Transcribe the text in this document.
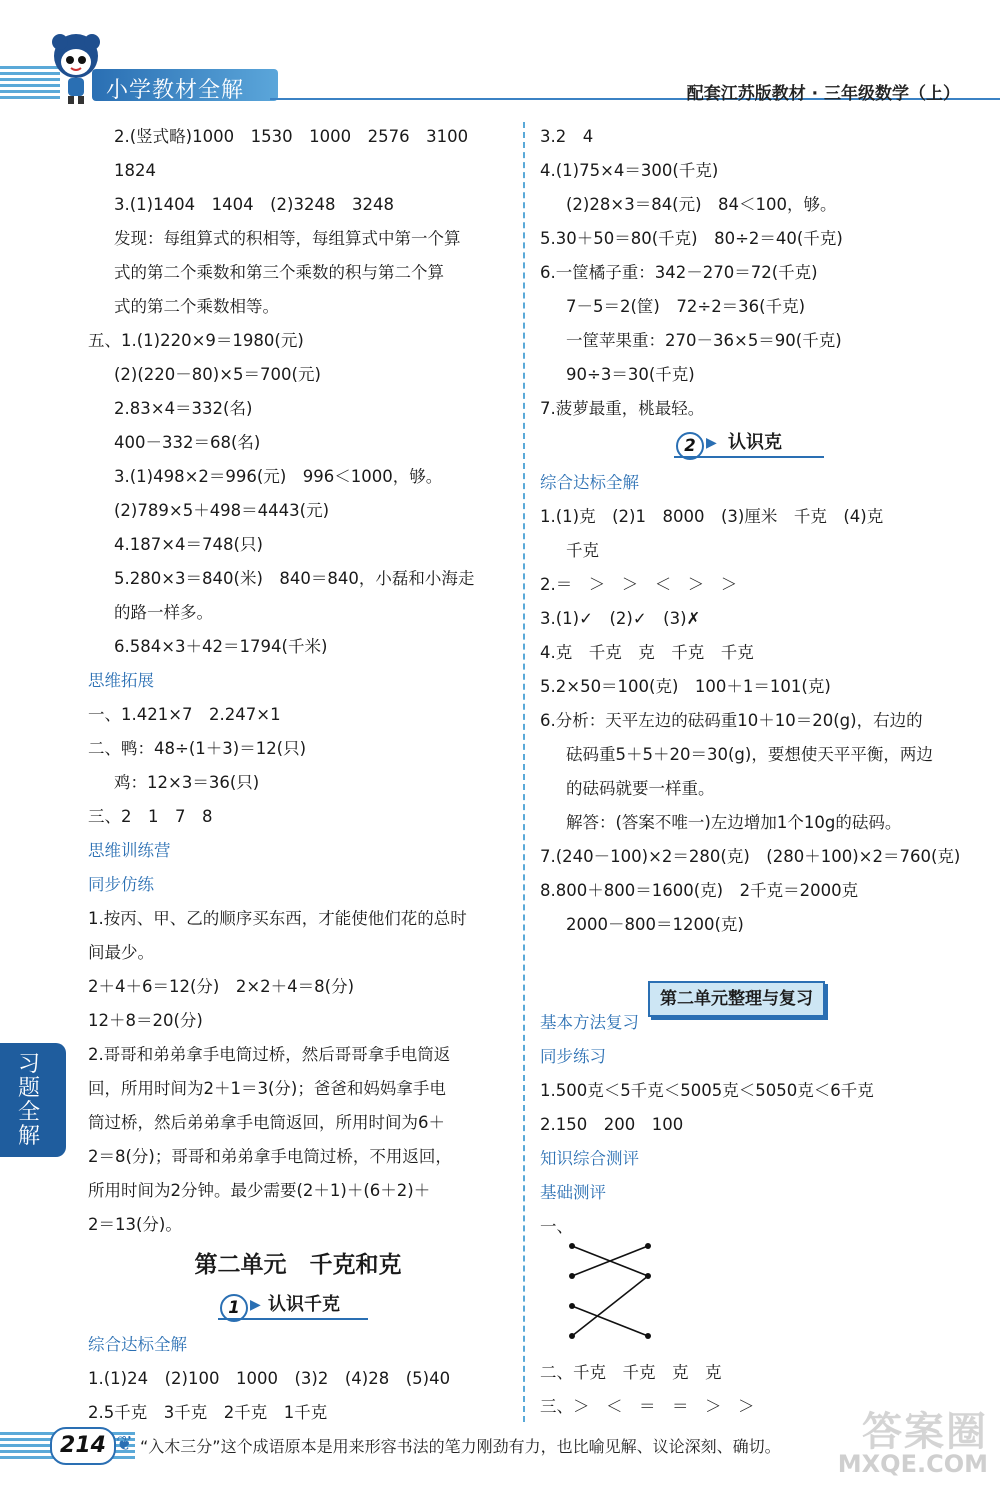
小学教材全解	配套江苏版教材 · 三年级数学（上）
2.(竖式略)1000　1530　1000　2576　3100
1824
3.(1)1404　1404　(2)3248　3248
发现：每组算式的积相等，每组算式中第一个算
式的第二个乘数和第三个乘数的积与第二个算
式的第二个乘数相等。
五、1.(1)220×9＝1980(元)
(2)(220－80)×5＝700(元)
2.83×4＝332(名)
400－332＝68(名)
3.(1)498×2＝996(元)　996＜1000，够。
(2)789×5＋498＝4443(元)
4.187×4＝748(只)
5.280×3＝840(米)　840＝840，小磊和小海走
的路一样多。
6.584×3＋42＝1794(千米)
思维拓展
一、1.421×7　2.247×1
二、鸭：48÷(1＋3)＝12(只)
鸡：12×3＝36(只)
三、2　1　7　8
思维训练营
同步仿练
1.按丙、甲、乙的顺序买东西，才能使他们花的总时
间最少。
2＋4＋6＝12(分)　2×2＋4＝8(分)
12＋8＝20(分)
2.哥哥和弟弟拿手电筒过桥，然后哥哥拿手电筒返
回，所用时间为2＋1＝3(分)；爸爸和妈妈拿手电
筒过桥，然后弟弟拿手电筒返回，所用时间为6＋
2＝8(分)；哥哥和弟弟拿手电筒过桥，不用返回，
所用时间为2分钟。最少需要(2＋1)＋(6＋2)＋
2＝13(分)。
第二单元　千克和克
1 ▶ 认识千克
综合达标全解
1.(1)24　(2)100　1000　(3)2　(4)28　(5)40
2.5千克　3千克　2千克　1千克
3.2　4
4.(1)75×4＝300(千克)
(2)28×3＝84(元)　84＜100，够。
5.30＋50＝80(千克)　80÷2＝40(千克)
6.一筐橘子重：342－270＝72(千克)
7－5＝2(筐)　72÷2＝36(千克)
一筐苹果重：270－36×5＝90(千克)
90÷3＝30(千克)
7.菠萝最重，桃最轻。
2 ▶ 认识克
综合达标全解
1.(1)克　(2)1　8000　(3)厘米　千克　(4)克
千克
2.＝　＞　＞　＜　＞　＞
3.(1)✓　(2)✓　(3)✗
4.克　千克　克　千克　千克
5.2×50＝100(克)　100＋1＝101(克)
6.分析：天平左边的砝码重10＋10＝20(g)，右边的
砝码重5＋5＋20＝30(g)，要想使天平平衡，两边
的砝码就要一样重。
解答：(答案不唯一)左边增加1个10g的砝码。
7.(240－100)×2＝280(克)　(280＋100)×2＝760(克)
8.800＋800＝1600(克)　2千克＝2000克
2000－800＝1200(克)
基本方法复习
同步练习
1.500克＜5千克＜5005克＜5050克＜6千克
2.150　200　100
知识综合测评
基础测评
一、
二、千克　千克　克　克
三、＞　＜　＝　＝　＞　＞
第二单元整理与复习
习题全解
214 ❦ “入木三分”这个成语原本是用来形容书法的笔力刚劲有力，也比喻见解、议论深刻、确切。 答案圈
MXQE.COM
